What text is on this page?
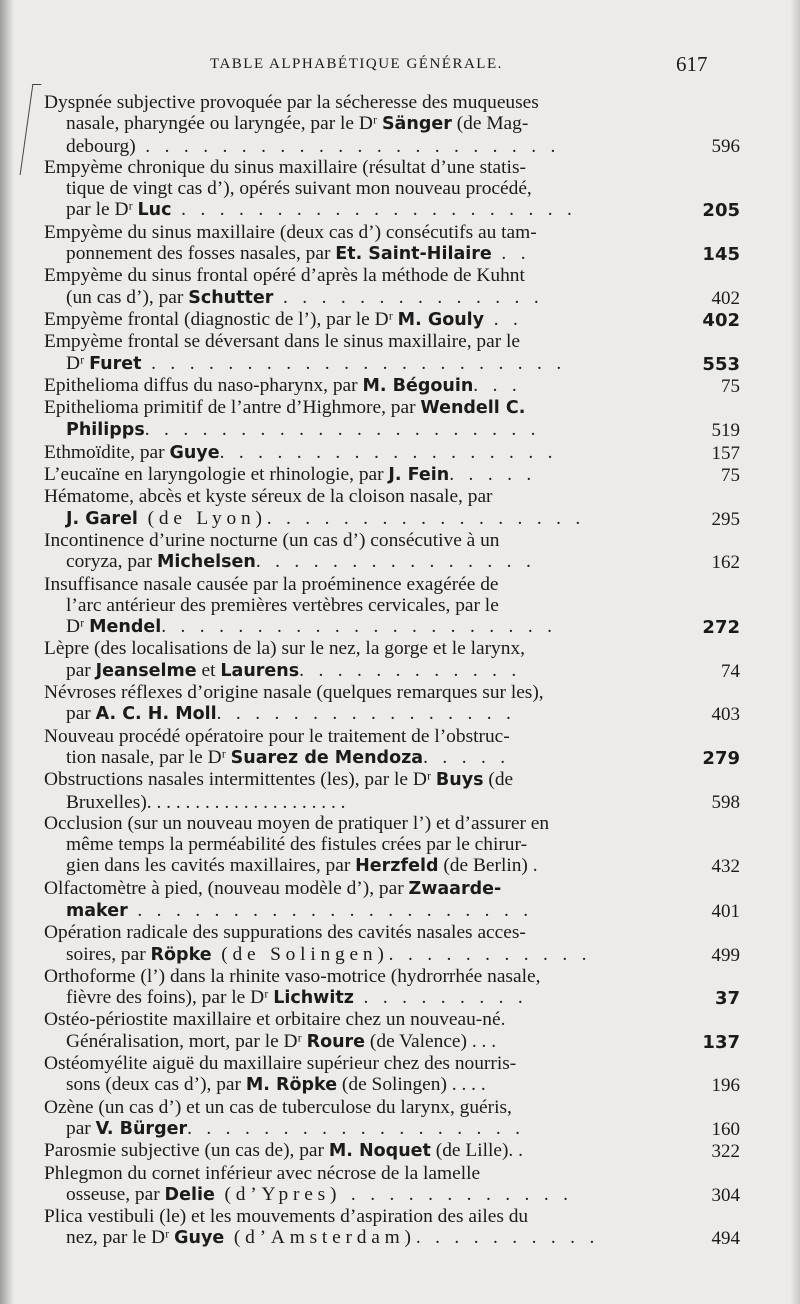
TABLE ALPHABÉTIQUE GÉNÉRALE.	617
Dyspnée subjective provoquée par la sécheresse des muqueuses
nasale, pharyngée ou laryngée, par le Dʳ Sänger (de Mag-
debourg) . . . . . . . . . . . . . . . . . . . . . .	596
Empyème chronique du sinus maxillaire (résultat d’une statis-
tique de vingt cas d’), opérés suivant mon nouveau procédé,
par le Dʳ Luc . . . . . . . . . . . . . . . . . . . . .	205
Empyème du sinus maxillaire (deux cas d’) consécutifs au tam-
ponnement des fosses nasales, par Et. Saint-Hilaire . .	145
Empyème du sinus frontal opéré d’après la méthode de Kuhnt
(un cas d’), par Schutter . . . . . . . . . . . . . .	402
Empyème frontal (diagnostic de l’), par le Dʳ M. Gouly . .	402
Empyème frontal se déversant dans le sinus maxillaire, par le
Dʳ Furet . . . . . . . . . . . . . . . . . . . . . .	553
Epithelioma diffus du naso-pharynx, par M. Bégouin. . .	75
Epithelioma primitif de l’antre d’Highmore, par Wendell C.
Philipps. . . . . . . . . . . . . . . . . . . . .	519
Ethmoïdite, par Guye. . . . . . . . . . . . . . . . . .	157
L’eucaïne en laryngologie et rhinologie, par J. Fein. . . . .	75
Hématome, abcès et kyste séreux de la cloison nasale, par
J. Garel (de Lyon). . . . . . . . . . . . . . . . .	295
Incontinence d’urine nocturne (un cas d’) consécutive à un
coryza, par Michelsen. . . . . . . . . . . . . . .	162
Insuffisance nasale causée par la proéminence exagérée de
l’arc antérieur des premières vertèbres cervicales, par le
Dʳ Mendel. . . . . . . . . . . . . . . . . . . . .	272
Lèpre (des localisations de la) sur le nez, la gorge et le larynx,
par Jeanselme et Laurens. . . . . . . . . . . .	74
Névroses réflexes d’origine nasale (quelques remarques sur les),
par A. C. H. Moll. . . . . . . . . . . . . . . .	403
Nouveau procédé opératoire pour le traitement de l’obstruc-
tion nasale, par le Dʳ Suarez de Mendoza. . . . .	279
Obstructions nasales intermittentes (les), par le Dʳ Buys (de
Bruxelles). . . . . . . . . . . . . . . . . . . . .	598
Occlusion (sur un nouveau moyen de pratiquer l’) et d’assurer en
même temps la perméabilité des fistules crées par le chirur-
gien dans les cavités maxillaires, par Herzfeld (de Berlin) .	432
Olfactomètre à pied, (nouveau modèle d’), par Zwaarde-
maker . . . . . . . . . . . . . . . . . . . . .	401
Opération radicale des suppurations des cavités nasales acces-
soires, par Röpke (de Solingen). . . . . . . . . . .	499
Orthoforme (l’) dans la rhinite vaso-motrice (hydrorrhée nasale,
fièvre des foins), par le Dʳ Lichwitz . . . . . . . . .	37
Ostéo-périostite maxillaire et orbitaire chez un nouveau-né.
Généralisation, mort, par le Dʳ Roure (de Valence) . . .	137
Ostéomyélite aiguë du maxillaire supérieur chez des nourris-
sons (deux cas d’), par M. Röpke (de Solingen) . . . .	196
Ozène (un cas d’) et un cas de tuberculose du larynx, guéris,
par V. Bürger. . . . . . . . . . . . . . . . . .	160
Parosmie subjective (un cas de), par M. Noquet (de Lille). .	322
Phlegmon du cornet inférieur avec nécrose de la lamelle
osseuse, par Delie (d’Ypres) . . . . . . . . . . . .	304
Plica vestibuli (le) et les mouvements d’aspiration des ailes du
nez, par le Dʳ Guye (d’Amsterdam). . . . . . . . . .	494
